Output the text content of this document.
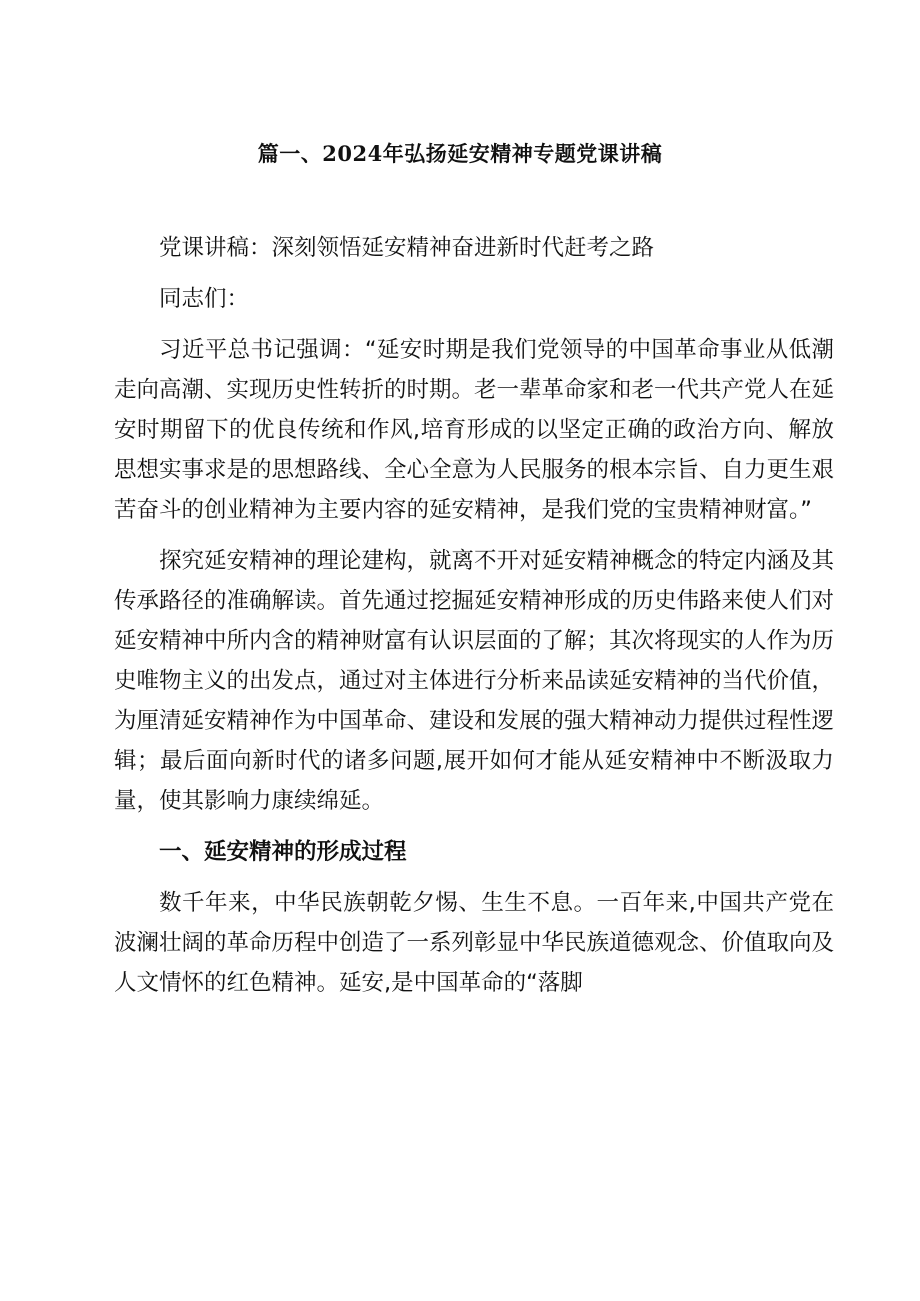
篇一、2024年弘扬延安精神专题党课讲稿

党课讲稿：深刻领悟延安精神奋进新时代赶考之路

同志们：

习近平总书记强调：“延安时期是我们党领导的中国革命事业从低潮走向高潮、实现历史性转折的时期。老一辈革命家和老一代共产党人在延安时期留下的优良传统和作风,培育形成的以坚定正确的政治方向、解放思想实事求是的思想路线、全心全意为人民服务的根本宗旨、自力更生艰苦奋斗的创业精神为主要内容的延安精神，是我们党的宝贵精神财富。”

探究延安精神的理论建构，就离不开对延安精神概念的特定内涵及其传承路径的准确解读。首先通过挖掘延安精神形成的历史伟路来使人们对延安精神中所内含的精神财富有认识层面的了解；其次将现实的人作为历史唯物主义的出发点，通过对主体进行分析来品读延安精神的当代价值，为厘清延安精神作为中国革命、建设和发展的强大精神动力提供过程性逻辑；最后面向新时代的诸多问题,展开如何才能从延安精神中不断汲取力量，使其影响力康续绵延。

一、延安精神的形成过程

数千年来，中华民族朝乾夕惕、生生不息。一百年来,中国共产党在波澜壮阔的革命历程中创造了一系列彰显中华民族道德观念、价值取向及人文情怀的红色精神。延安,是中国革命的“落脚
